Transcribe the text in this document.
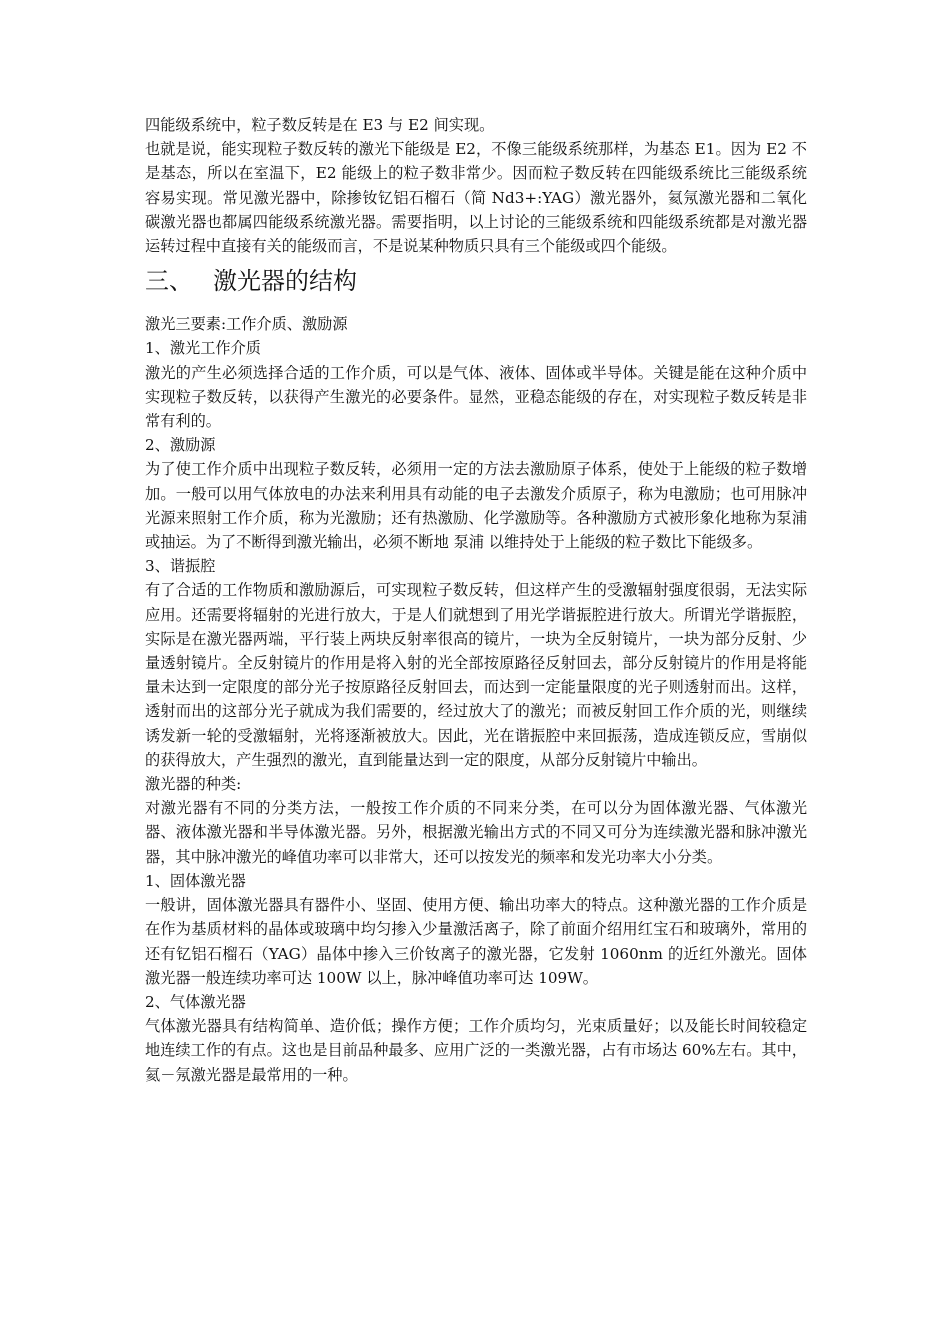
四能级系统中，粒子数反转是在 E3 与 E2 间实现。

也就是说，能实现粒子数反转的激光下能级是 E2，不像三能级系统那样，为基态 E1。因为 E2 不是基态，所以在室温下，E2 能级上的粒子数非常少。因而粒子数反转在四能级系统比三能级系统容易实现。常见激光器中，除掺钕钇铝石榴石（简 Nd3+:YAG）激光器外，氦氖激光器和二氧化碳激光器也都属四能级系统激光器。需要指明，以上讨论的三能级系统和四能级系统都是对激光器运转过程中直接有关的能级而言，不是说某种物质只具有三个能级或四个能级。

三、 激光器的结构

激光三要素:工作介质、激励源

1、激光工作介质

激光的产生必须选择合适的工作介质，可以是气体、液体、固体或半导体。关键是能在这种介质中实现粒子数反转，以获得产生激光的必要条件。显然，亚稳态能级的存在，对实现粒子数反转是非常有利的。

2、激励源

为了使工作介质中出现粒子数反转，必须用一定的方法去激励原子体系，使处于上能级的粒子数增加。一般可以用气体放电的办法来利用具有动能的电子去激发介质原子，称为电激励；也可用脉冲光源来照射工作介质，称为光激励；还有热激励、化学激励等。各种激励方式被形象化地称为泵浦或抽运。为了不断得到激光输出，必须不断地 泵浦 以维持处于上能级的粒子数比下能级多。

3、谐振腔

有了合适的工作物质和激励源后，可实现粒子数反转，但这样产生的受激辐射强度很弱，无法实际应用。还需要将辐射的光进行放大，于是人们就想到了用光学谐振腔进行放大。所谓光学谐振腔，实际是在激光器两端，平行装上两块反射率很高的镜片，一块为全反射镜片，一块为部分反射、少量透射镜片。全反射镜片的作用是将入射的光全部按原路径反射回去，部分反射镜片的作用是将能量未达到一定限度的部分光子按原路径反射回去，而达到一定能量限度的光子则透射而出。这样，透射而出的这部分光子就成为我们需要的，经过放大了的激光；而被反射回工作介质的光，则继续诱发新一轮的受激辐射，光将逐渐被放大。因此，光在谐振腔中来回振荡，造成连锁反应，雪崩似的获得放大，产生强烈的激光，直到能量达到一定的限度，从部分反射镜片中输出。

激光器的种类:

对激光器有不同的分类方法，一般按工作介质的不同来分类，在可以分为固体激光器、气体激光器、液体激光器和半导体激光器。另外，根据激光输出方式的不同又可分为连续激光器和脉冲激光器，其中脉冲激光的峰值功率可以非常大，还可以按发光的频率和发光功率大小分类。

1、固体激光器

一般讲，固体激光器具有器件小、坚固、使用方便、输出功率大的特点。这种激光器的工作介质是在作为基质材料的晶体或玻璃中均匀掺入少量激活离子，除了前面介绍用红宝石和玻璃外，常用的还有钇铝石榴石（YAG）晶体中掺入三价钕离子的激光器，它发射 1060nm 的近红外激光。固体激光器一般连续功率可达 100W 以上，脉冲峰值功率可达 109W。

2、气体激光器

气体激光器具有结构简单、造价低；操作方便；工作介质均匀，光束质量好；以及能长时间较稳定地连续工作的有点。这也是目前品种最多、应用广泛的一类激光器，占有市场达 60%左右。其中，氦－氖激光器是最常用的一种。
